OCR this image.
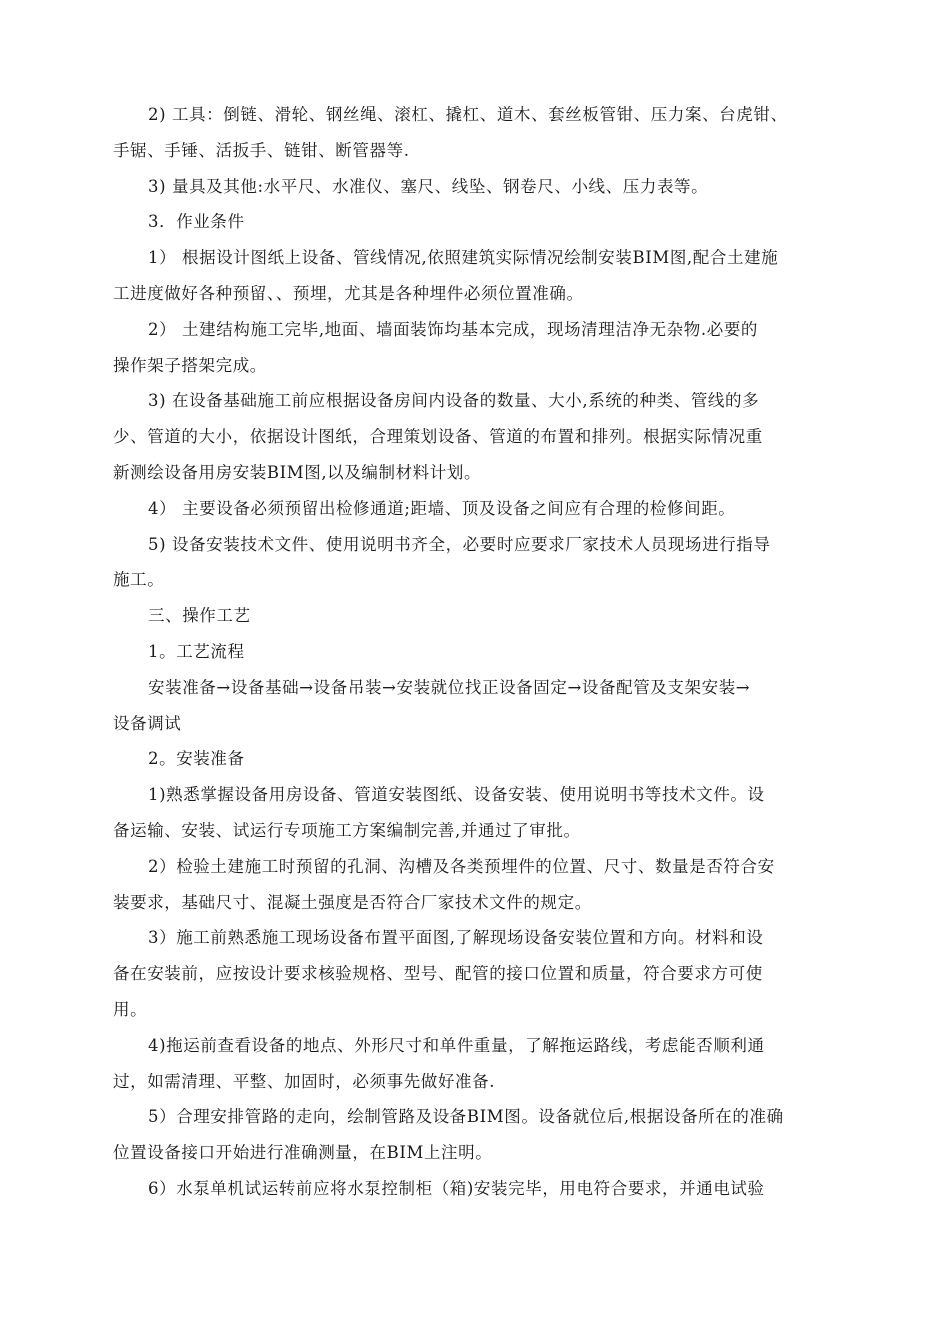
2) 工具：倒链、滑轮、钢丝绳、滚杠、撬杠、道木、套丝板管钳、压力案、台虎钳、
手锯、手锤、活扳手、链钳、断管器等.
3) 量具及其他:水平尺、水准仪、塞尺、线坠、钢卷尺、小线、压力表等。
3．作业条件
1） 根据设计图纸上设备、管线情况,依照建筑实际情况绘制安装BIM图,配合土建施
工进度做好各种预留、、预埋，尤其是各种埋件必须位置准确。
2） 土建结构施工完毕,地面、墙面装饰均基本完成，现场清理洁净无杂物.必要的
操作架子搭架完成。
3) 在设备基础施工前应根据设备房间内设备的数量、大小,系统的种类、管线的多
少、管道的大小，依据设计图纸，合理策划设备、管道的布置和排列。根据实际情况重
新测绘设备用房安装BIM图,以及编制材料计划。
4） 主要设备必须预留出检修通道;距墙、顶及设备之间应有合理的检修间距。
5) 设备安装技术文件、使用说明书齐全，必要时应要求厂家技术人员现场进行指导
施工。
三、操作工艺
1。工艺流程
安装准备→设备基础→设备吊装→安装就位找正设备固定→设备配管及支架安装→
设备调试
2。安装准备
1)熟悉掌握设备用房设备、管道安装图纸、设备安装、使用说明书等技术文件。设
备运输、安装、试运行专项施工方案编制完善,并通过了审批。
2）检验土建施工时预留的孔洞、沟槽及各类预埋件的位置、尺寸、数量是否符合安
装要求，基础尺寸、混凝土强度是否符合厂家技术文件的规定。
3）施工前熟悉施工现场设备布置平面图,了解现场设备安装位置和方向。材料和设
备在安装前，应按设计要求核验规格、型号、配管的接口位置和质量，符合要求方可使
用。
4)拖运前查看设备的地点、外形尺寸和单件重量，了解拖运路线，考虑能否顺利通
过，如需清理、平整、加固时，必须事先做好准备.
5）合理安排管路的走向，绘制管路及设备BIM图。设备就位后,根据设备所在的准确
位置设备接口开始进行准确测量，在BIM上注明。
6）水泵单机试运转前应将水泵控制柜（箱)安装完毕，用电符合要求，并通电试验
